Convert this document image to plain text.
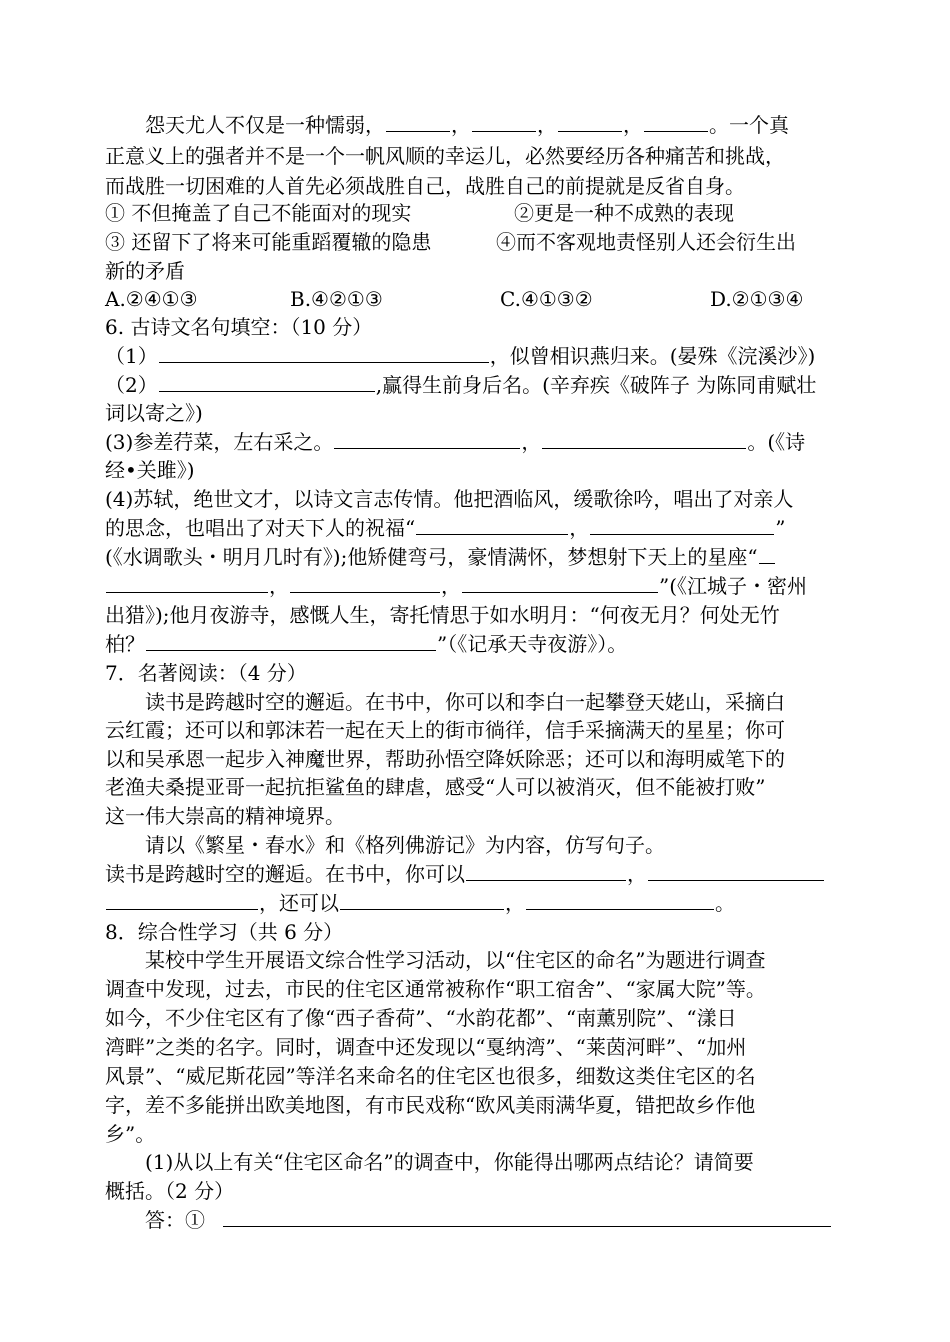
怨天尤人不仅是一种懦弱，	，	，	，	。一个真
正意义上的强者并不是一个一帆风顺的幸运儿，必然要经历各种痛苦和挑战，
而战胜一切困难的人首先必须战胜自己，战胜自己的前提就是反省自身。
① 不但掩盖了自己不能面对的现实	②更是一种不成熟的表现
③ 还留下了将来可能重蹈覆辙的隐患	④而不客观地责怪别人还会衍生出
新的矛盾
A.②④①③	B.④②①③	C.④①③②	D.②①③④
6. 古诗文名句填空：（10 分）
（1）	，似曾相识燕归来。(晏殊《浣溪沙》)
（2）	,赢得生前身后名。(辛弃疾《破阵子 为陈同甫赋壮
词以寄之》)
(3)参差荇菜，左右采之。	，	。(《诗
经•关雎》)
(4)苏轼，绝世文才，以诗文言志传情。他把酒临风，缓歌徐吟，唱出了对亲人
的思念，也唱出了对天下人的祝福“	，	”
(《水调歌头・明月几时有》);他矫健弯弓，豪情满怀，梦想射下天上的星座“
，	，	”(《江城子・密州
出猎》);他月夜游寺，感慨人生，寄托情思于如水明月：“何夜无月？何处无竹
柏？	”（《记承天寺夜游》）。
7．名著阅读：（4 分）
读书是跨越时空的邂逅。在书中，你可以和李白一起攀登天姥山，采摘白
云红霞；还可以和郭沫若一起在天上的街市徜徉，信手采摘满天的星星；你可
以和吴承恩一起步入神魔世界，帮助孙悟空降妖除恶；还可以和海明威笔下的
老渔夫桑提亚哥一起抗拒鲨鱼的肆虐，感受“人可以被消灭，但不能被打败”
这一伟大崇高的精神境界。
请以《繁星・春水》和《格列佛游记》为内容，仿写句子。
读书是跨越时空的邂逅。在书中，你可以	，
，还可以	，	。
8．综合性学习（共 6 分）
某校中学生开展语文综合性学习活动，以“住宅区的命名”为题进行调查
调查中发现，过去，市民的住宅区通常被称作“职工宿舍”、“家属大院”等。
如今，不少住宅区有了像“西子香荷”、“水韵花都”、“南薰别院”、“漾日
湾畔”之类的名字。同时，调查中还发现以“戛纳湾”、“莱茵河畔”、“加州
风景”、“威尼斯花园”等洋名来命名的住宅区也很多，细数这类住宅区的名
字，差不多能拼出欧美地图，有市民戏称“欧风美雨满华夏，错把故乡作他
乡”。
(1)从以上有关“住宅区命名”的调查中，你能得出哪两点结论？请简要
概括。（2 分）
答：①
